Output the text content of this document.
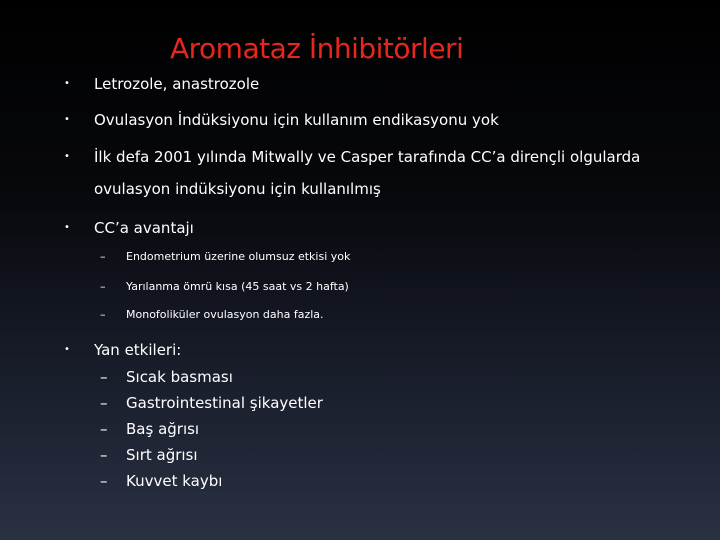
Aromataz İnhibitörleri
• Letrozole, anastrozole
• Ovulasyon İndüksiyonu için kullanım endikasyonu yok
• İlk defa 2001 yılında Mitwally ve Casper tarafında CC’a dirençli olgularda
ovulasyon indüksiyonu için kullanılmış
• CC’a avantajı
– Endometrium üzerine olumsuz etkisi yok
– Yarılanma ömrü kısa (45 saat vs 2 hafta)
– Monofoliküler ovulasyon daha fazla.
• Yan etkileri:
– Sıcak basması
– Gastrointestinal şikayetler
– Baş ağrısı
– Sırt ağrısı
– Kuvvet kaybı
